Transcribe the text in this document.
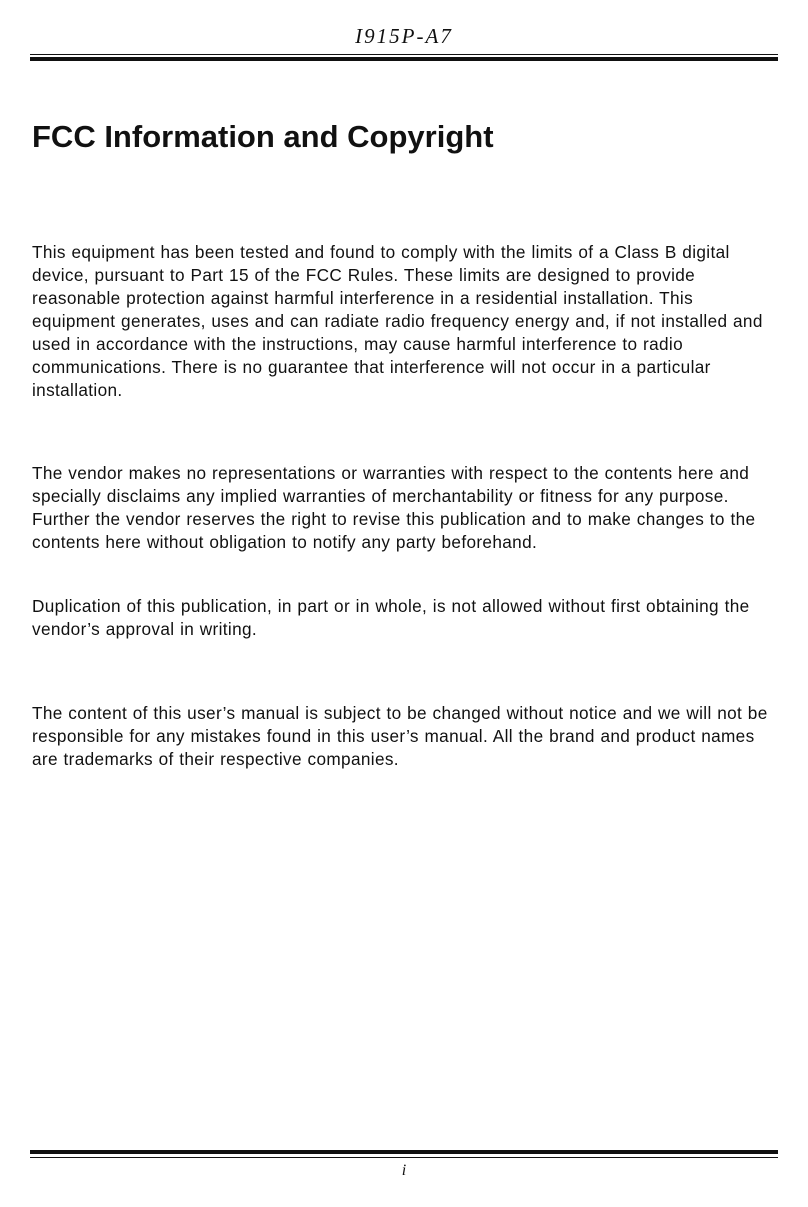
I915P-A7
FCC Information and Copyright

This equipment has been tested and found to comply with the limits of a Class B digital device, pursuant to Part 15 of the FCC Rules. These limits are designed to provide reasonable protection against harmful interference in a residential installation. This equipment generates, uses and can radiate radio frequency energy and, if not installed and used in accordance with the instructions, may cause harmful interference to radio communications. There is no guarantee that interference will not occur in a particular installation.

The vendor makes no representations or warranties with respect to the contents here and specially disclaims any implied warranties of merchantability or fitness for any purpose. Further the vendor reserves the right to revise this publication and to make changes to the contents here without obligation to notify any party beforehand.

Duplication of this publication, in part or in whole, is not allowed without first obtaining the vendor’s approval in writing.

The content of this user’s manual is subject to be changed without notice and we will not be responsible for any mistakes found in this user’s manual. All the brand and product names are trademarks of their respective companies.

i
